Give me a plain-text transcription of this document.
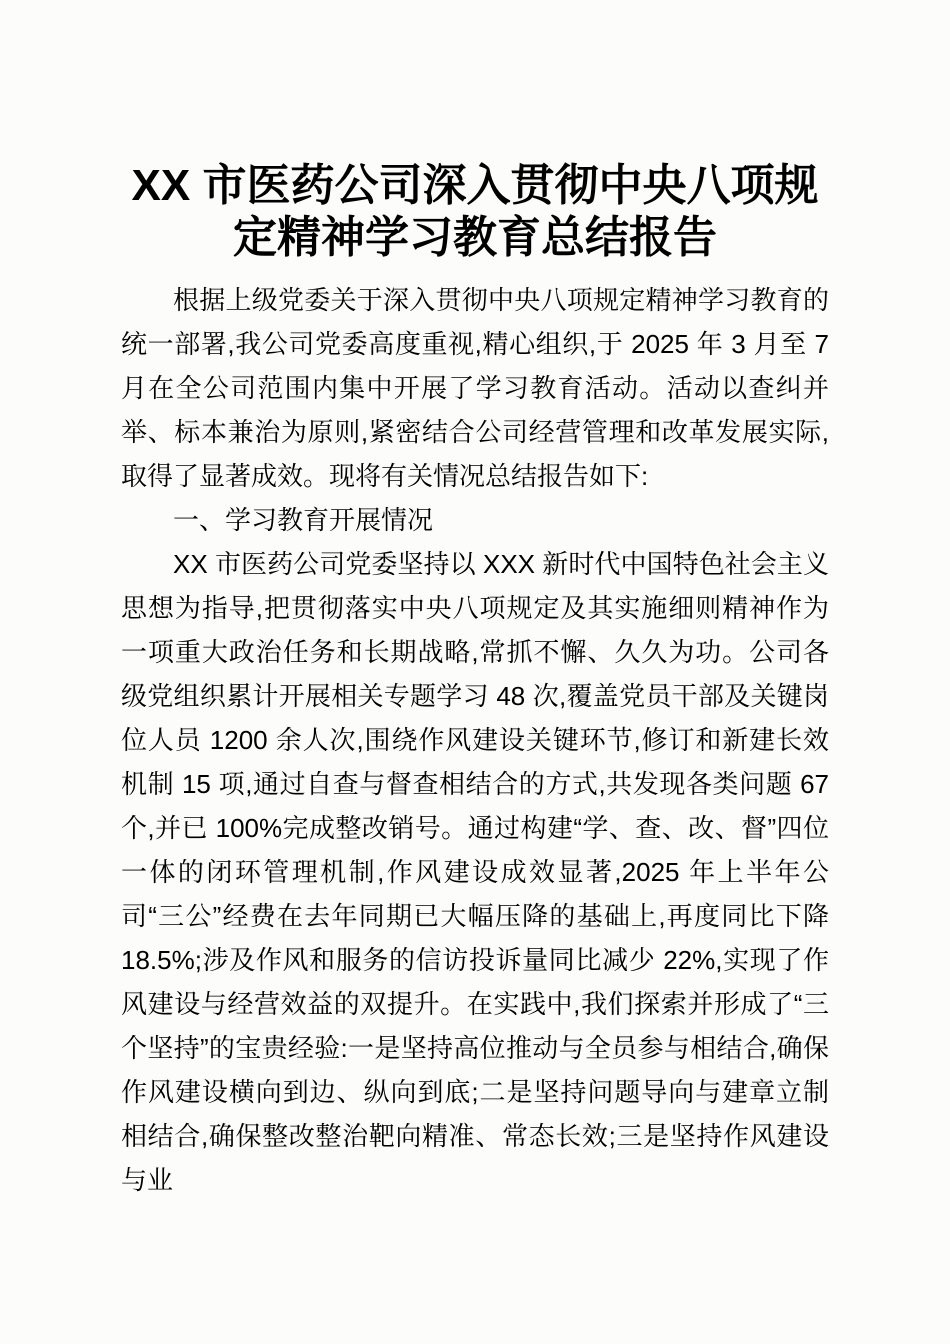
XX 市医药公司深入贯彻中央八项规定精神学习教育总结报告

根据上级党委关于深入贯彻中央八项规定精神学习教育的统一部署,我公司党委高度重视,精心组织,于 2025 年 3 月至 7 月在全公司范围内集中开展了学习教育活动。活动以查纠并举、标本兼治为原则,紧密结合公司经营管理和改革发展实际,取得了显著成效。现将有关情况总结报告如下:

一、学习教育开展情况

XX 市医药公司党委坚持以 XXX 新时代中国特色社会主义思想为指导,把贯彻落实中央八项规定及其实施细则精神作为一项重大政治任务和长期战略,常抓不懈、久久为功。公司各级党组织累计开展相关专题学习 48 次,覆盖党员干部及关键岗位人员 1200 余人次,围绕作风建设关键环节,修订和新建长效机制 15 项,通过自查与督查相结合的方式,共发现各类问题 67 个,并已 100%完成整改销号。通过构建“学、查、改、督”四位一体的闭环管理机制,作风建设成效显著,2025 年上半年公司“三公”经费在去年同期已大幅压降的基础上,再度同比下降 18.5%;涉及作风和服务的信访投诉量同比减少 22%,实现了作风建设与经营效益的双提升。在实践中,我们探索并形成了“三个坚持”的宝贵经验:一是坚持高位推动与全员参与相结合,确保作风建设横向到边、纵向到底;二是坚持问题导向与建章立制相结合,确保整改整治靶向精准、常态长效;三是坚持作风建设与业
